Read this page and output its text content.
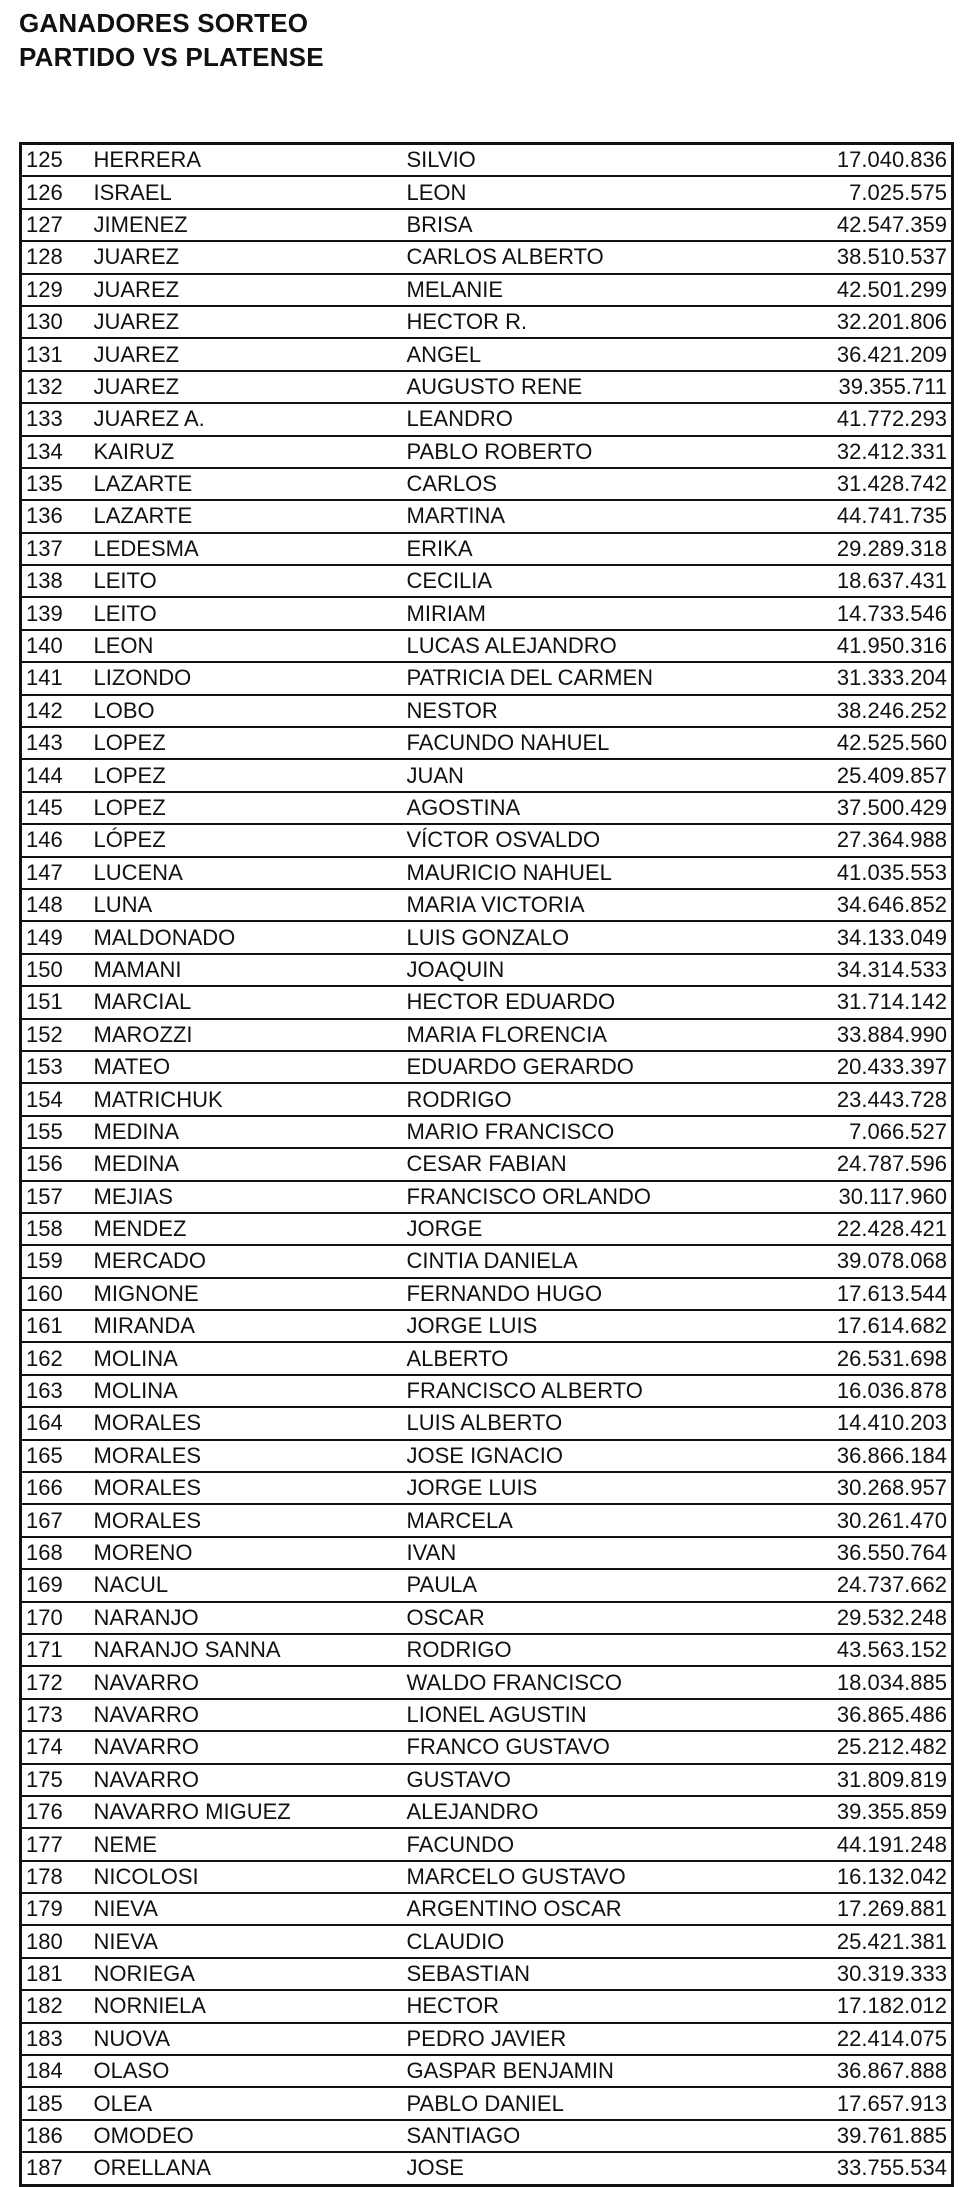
GANADORES SORTEO
PARTIDO VS PLATENSE
125	HERRERA	SILVIO	17.040.836
126	ISRAEL	LEON	7.025.575
127	JIMENEZ	BRISA	42.547.359
128	JUAREZ	CARLOS ALBERTO	38.510.537
129	JUAREZ	MELANIE	42.501.299
130	JUAREZ	HECTOR R.	32.201.806
131	JUAREZ	ANGEL	36.421.209
132	JUAREZ	AUGUSTO RENE	39.355.711
133	JUAREZ A.	LEANDRO	41.772.293
134	KAIRUZ	PABLO ROBERTO	32.412.331
135	LAZARTE	CARLOS	31.428.742
136	LAZARTE	MARTINA	44.741.735
137	LEDESMA	ERIKA	29.289.318
138	LEITO	CECILIA	18.637.431
139	LEITO	MIRIAM	14.733.546
140	LEON	LUCAS ALEJANDRO	41.950.316
141	LIZONDO	PATRICIA DEL CARMEN	31.333.204
142	LOBO	NESTOR	38.246.252
143	LOPEZ	FACUNDO NAHUEL	42.525.560
144	LOPEZ	JUAN	25.409.857
145	LOPEZ	AGOSTINA	37.500.429
146	LÓPEZ	VÍCTOR OSVALDO	27.364.988
147	LUCENA	MAURICIO NAHUEL	41.035.553
148	LUNA	MARIA VICTORIA	34.646.852
149	MALDONADO	LUIS GONZALO	34.133.049
150	MAMANI	JOAQUIN	34.314.533
151	MARCIAL	HECTOR EDUARDO	31.714.142
152	MAROZZI	MARIA FLORENCIA	33.884.990
153	MATEO	EDUARDO GERARDO	20.433.397
154	MATRICHUK	RODRIGO	23.443.728
155	MEDINA	MARIO FRANCISCO	7.066.527
156	MEDINA	CESAR FABIAN	24.787.596
157	MEJIAS	FRANCISCO ORLANDO	30.117.960
158	MENDEZ	JORGE	22.428.421
159	MERCADO	CINTIA DANIELA	39.078.068
160	MIGNONE	FERNANDO HUGO	17.613.544
161	MIRANDA	JORGE LUIS	17.614.682
162	MOLINA	ALBERTO	26.531.698
163	MOLINA	FRANCISCO ALBERTO	16.036.878
164	MORALES	LUIS ALBERTO	14.410.203
165	MORALES	JOSE IGNACIO	36.866.184
166	MORALES	JORGE LUIS	30.268.957
167	MORALES	MARCELA	30.261.470
168	MORENO	IVAN	36.550.764
169	NACUL	PAULA	24.737.662
170	NARANJO	OSCAR	29.532.248
171	NARANJO SANNA	RODRIGO	43.563.152
172	NAVARRO	WALDO FRANCISCO	18.034.885
173	NAVARRO	LIONEL AGUSTIN	36.865.486
174	NAVARRO	FRANCO GUSTAVO	25.212.482
175	NAVARRO	GUSTAVO	31.809.819
176	NAVARRO MIGUEZ	ALEJANDRO	39.355.859
177	NEME	FACUNDO	44.191.248
178	NICOLOSI	MARCELO GUSTAVO	16.132.042
179	NIEVA	ARGENTINO OSCAR	17.269.881
180	NIEVA	CLAUDIO	25.421.381
181	NORIEGA	SEBASTIAN	30.319.333
182	NORNIELA	HECTOR	17.182.012
183	NUOVA	PEDRO JAVIER	22.414.075
184	OLASO	GASPAR BENJAMIN	36.867.888
185	OLEA	PABLO DANIEL	17.657.913
186	OMODEO	SANTIAGO	39.761.885
187	ORELLANA	JOSE	33.755.534
